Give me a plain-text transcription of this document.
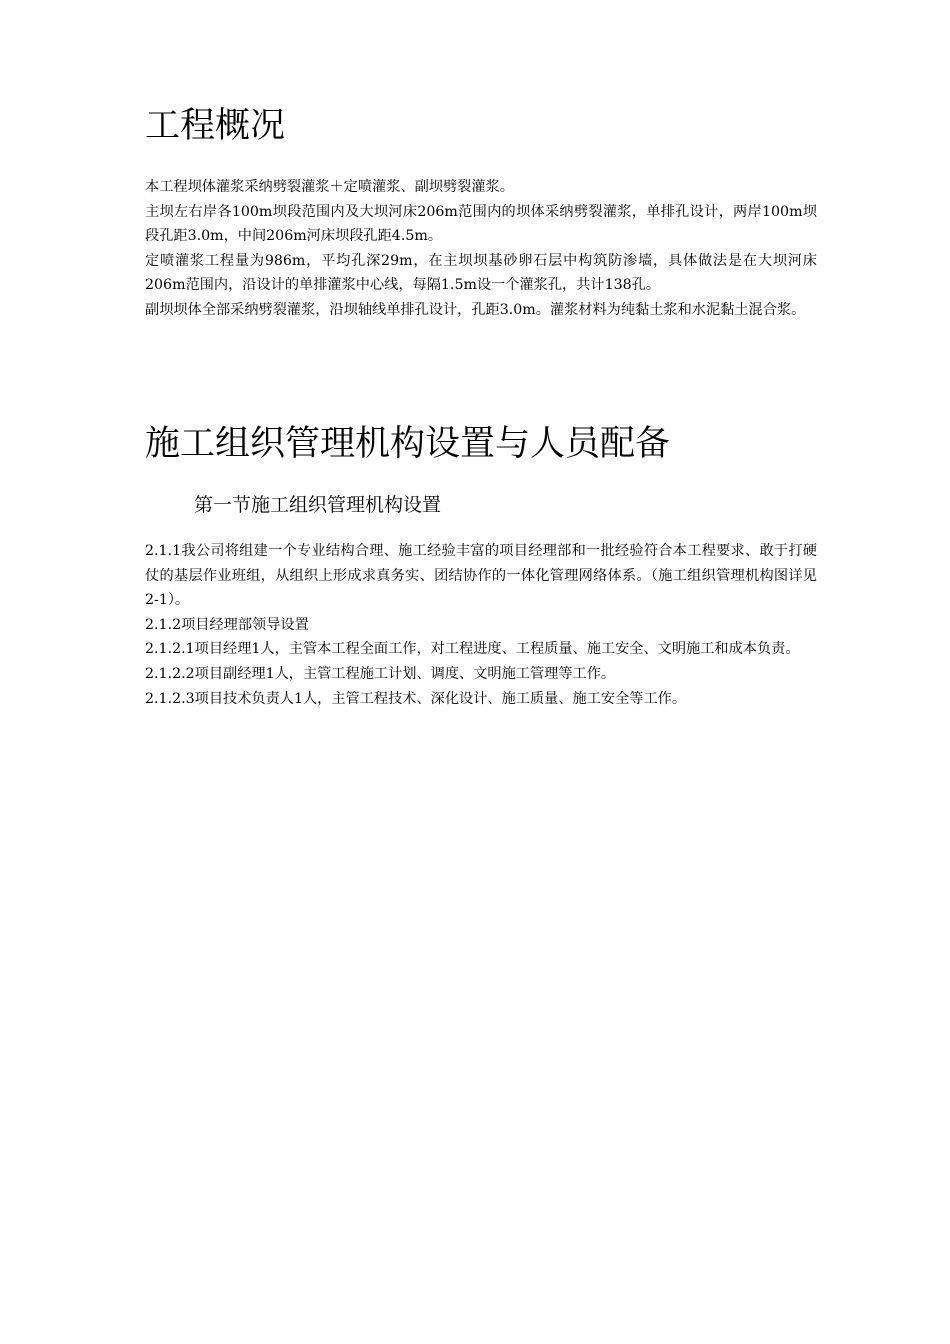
工程概况

本工程坝体灌浆采纳劈裂灌浆＋定喷灌浆、副坝劈裂灌浆。

主坝左右岸各100m坝段范围内及大坝河床206m范围内的坝体采纳劈裂灌浆，单排孔设计，两岸100m坝段孔距3.0m，中间206m河床坝段孔距4.5m。

定喷灌浆工程量为986m，平均孔深29m，在主坝坝基砂卵石层中构筑防渗墙，具体做法是在大坝河床206m范围内，沿设计的单排灌浆中心线，每隔1.5m设一个灌浆孔，共计138孔。

副坝坝体全部采纳劈裂灌浆，沿坝轴线单排孔设计，孔距3.0m。灌浆材料为纯黏土浆和水泥黏土混合浆。

施工组织管理机构设置与人员配备
第一节施工组织管理机构设置

2.1.1我公司将组建一个专业结构合理、施工经验丰富的项目经理部和一批经验符合本工程要求、敢于打硬仗的基层作业班组，从组织上形成求真务实、团结协作的一体化管理网络体系。（施工组织管理机构图详见2-1）。

2.1.2项目经理部领导设置

2.1.2.1项目经理1人，主管本工程全面工作，对工程进度、工程质量、施工安全、文明施工和成本负责。

2.1.2.2项目副经理1人，主管工程施工计划、调度、文明施工管理等工作。

2.1.2.3项目技术负责人1人，主管工程技术、深化设计、施工质量、施工安全等工作。
